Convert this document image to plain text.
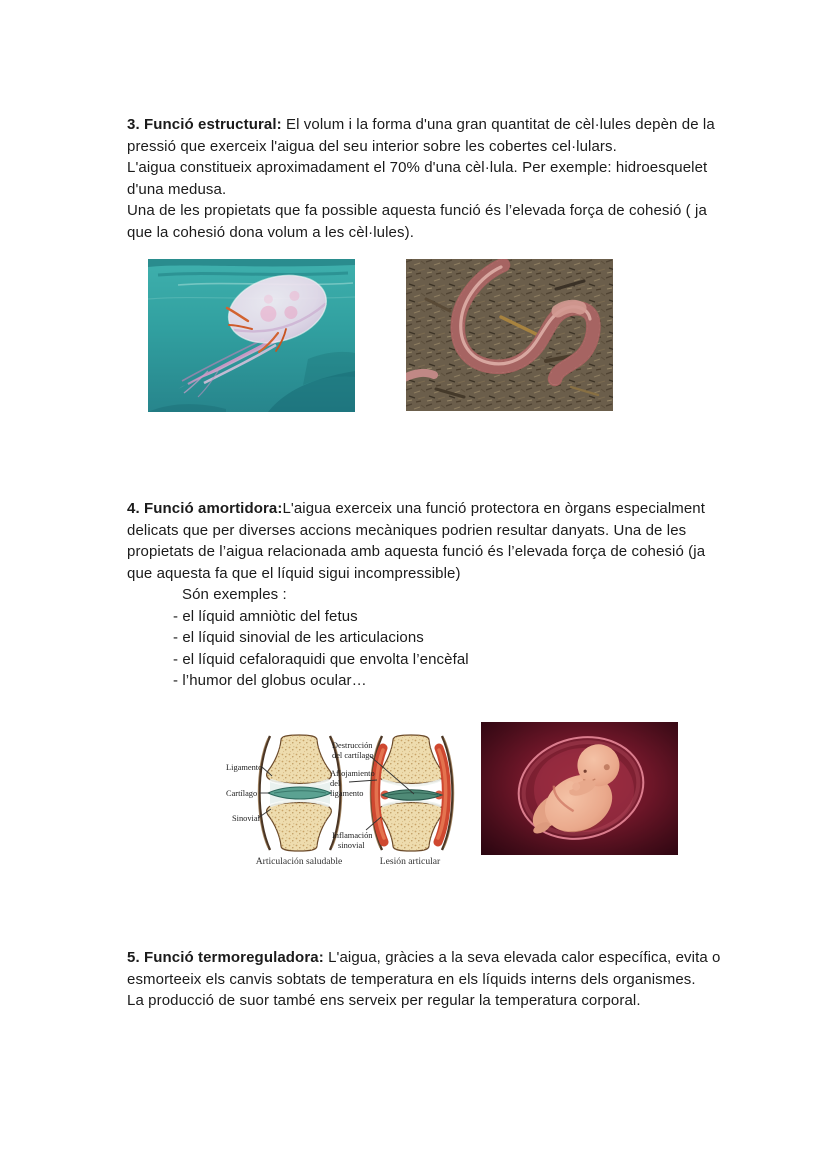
3. Funció estructural: El volum i la forma d'una gran quantitat de cèl·lules depèn de la pressió que exerceix l'aigua del seu interior sobre les cobertes cel·lulars.
L'aigua constitueix aproximadament el 70% d'una cèl·lula. Per exemple: hidroesquelet d'una medusa.
Una de les propietats que fa possible aquesta funció és l’elevada força de cohesió ( ja que la cohesió dona volum a les cèl·lules).
4. Funció amortidora:L'aigua exerceix una funció protectora en òrgans especialment delicats que per diverses accions mecàniques podrien resultar danyats. Una de les propietats de l’aigua relacionada amb aquesta funció és l’elevada força de cohesió (ja que aquesta fa que el líquid sigui incompressible)
Són exemples :
- el líquid amniòtic del fetus
- el líquid sinovial de les articulacions
- el líquid cefaloraquidi que envolta l’encèfal
- l’humor del globus ocular…
Ligamento
Cartílago
Sinovial
Destrucción
del cartílago
Aflojamiento
del
ligamento
Inflamación
sinovial
Articulación saludable	Lesión articular
5. Funció termoreguladora: L'aigua, gràcies a la seva elevada calor específica, evita o esmorteeix els canvis sobtats de temperatura en els líquids interns dels organismes.
La producció de suor també ens serveix per regular la temperatura corporal.
